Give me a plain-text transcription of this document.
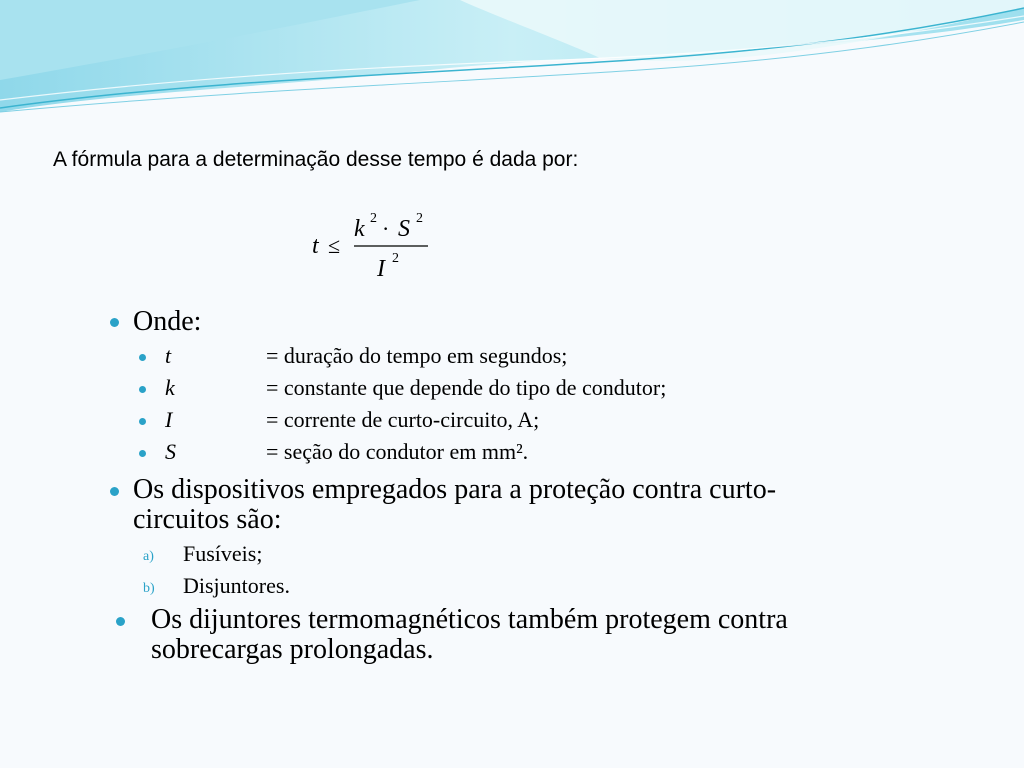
A fórmula para a determinação desse tempo é dada por:
t ≤
k 2 · S 2
I 2
Onde:
t	= duração do tempo em segundos;
k	= constante que depende do tipo de condutor;
I	= corrente de curto-circuito, A;
S	= seção do condutor em mm².
Os dispositivos empregados para a proteção contra curto-
circuitos são:
a) Fusíveis;
b) Disjuntores.
Os dijuntores termomagnéticos também protegem contra
sobrecargas prolongadas.
